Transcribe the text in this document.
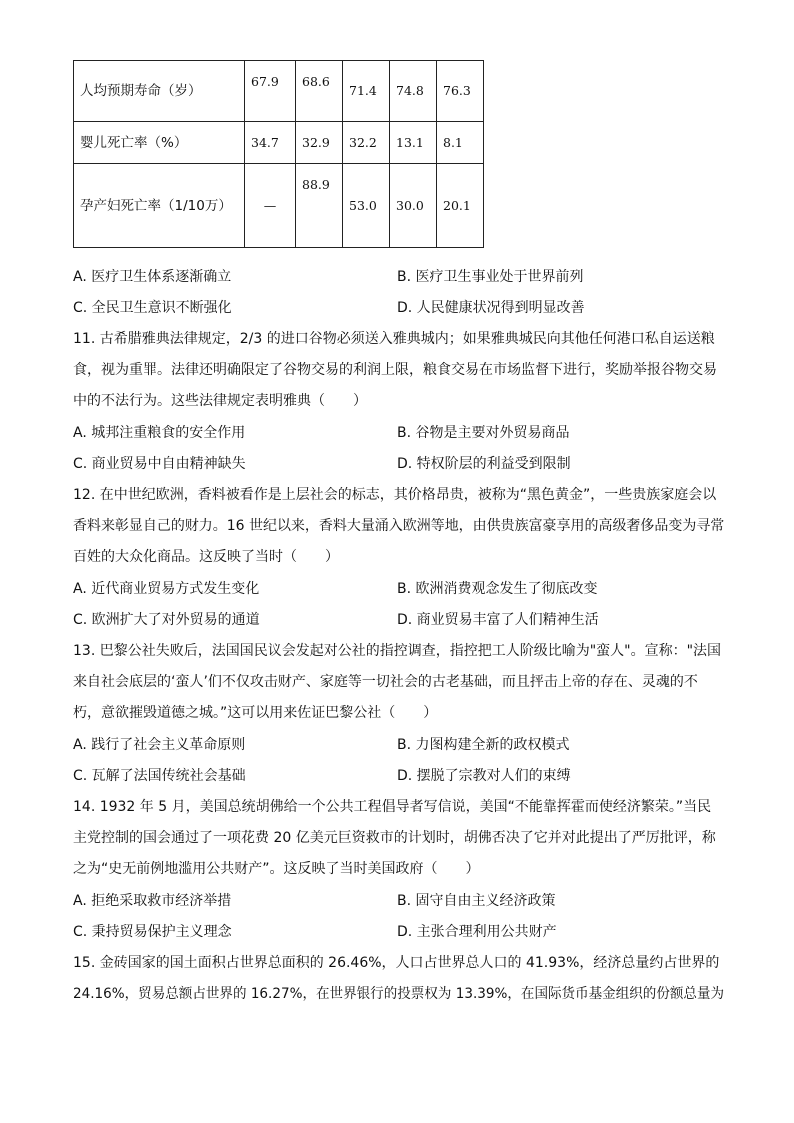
人均预期寿命（岁）	67.9	68.6	71.4	74.8	76.3
婴儿死亡率（%）	34.7	32.9	32.2	13.1	8.1
孕产妇死亡率（1/10万）	—	88.9	53.0	30.0	20.1
A. 医疗卫生体系逐渐确立	B. 医疗卫生事业处于世界前列
C. 全民卫生意识不断强化	D. 人民健康状况得到明显改善
11. 古希腊雅典法律规定，2/3 的进口谷物必须送入雅典城内；如果雅典城民向其他任何港口私自运送粮
食，视为重罪。法律还明确限定了谷物交易的利润上限，粮食交易在市场监督下进行，奖励举报谷物交易
中的不法行为。这些法律规定表明雅典（　　）
A. 城邦注重粮食的安全作用	B. 谷物是主要对外贸易商品
C. 商业贸易中自由精神缺失	D. 特权阶层的利益受到限制
12. 在中世纪欧洲，香料被看作是上层社会的标志，其价格昂贵，被称为“黑色黄金”，一些贵族家庭会以
香料来彰显自己的财力。16 世纪以来，香料大量涌入欧洲等地，由供贵族富豪享用的高级奢侈品变为寻常
百姓的大众化商品。这反映了当时（　　）
A. 近代商业贸易方式发生变化	B. 欧洲消费观念发生了彻底改变
C. 欧洲扩大了对外贸易的通道	D. 商业贸易丰富了人们精神生活
13. 巴黎公社失败后，法国国民议会发起对公社的指控调查，指控把工人阶级比喻为"蛮人"。宣称："法国
来自社会底层的‘蛮人’们不仅攻击财产、家庭等一切社会的古老基础，而且抨击上帝的存在、灵魂的不
朽，意欲摧毁道德之城。”这可以用来佐证巴黎公社（　　）
A. 践行了社会主义革命原则	B. 力图构建全新的政权模式
C. 瓦解了法国传统社会基础	D. 摆脱了宗教对人们的束缚
14. 1932 年 5 月，美国总统胡佛给一个公共工程倡导者写信说，美国“不能靠挥霍而使经济繁荣。”当民
主党控制的国会通过了一项花费 20 亿美元巨资救市的计划时，胡佛否决了它并对此提出了严厉批评，称
之为“史无前例地滥用公共财产”。这反映了当时美国政府（　　）
A. 拒绝采取救市经济举措	B. 固守自由主义经济政策
C. 秉持贸易保护主义理念	D. 主张合理利用公共财产
15. 金砖国家的国土面积占世界总面积的 26.46%，人口占世界总人口的 41.93%，经济总量约占世界的
24.16%，贸易总额占世界的 16.27%，在世界银行的投票权为 13.39%，在国际货币基金组织的份额总量为
